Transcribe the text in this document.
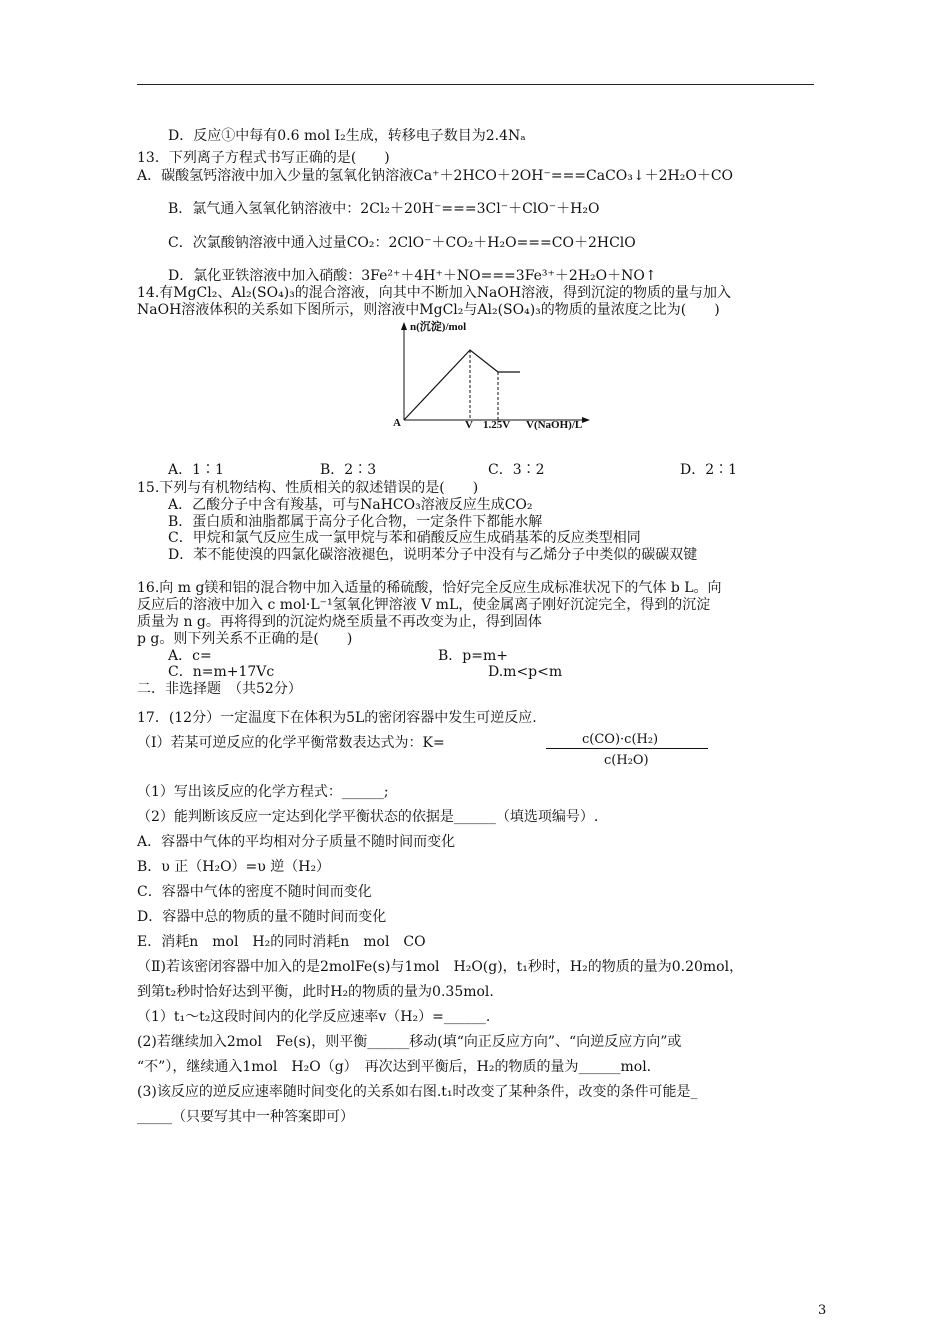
D．反应①中每有0.6 mol I₂生成，转移电子数目为2.4Nₐ
13．下列离子方程式书写正确的是(　　)
A．碳酸氢钙溶液中加入少量的氢氧化钠溶液Ca⁺＋2HCO＋2OH⁻===CaCO₃↓＋2H₂O＋CO
B．氯气通入氢氧化钠溶液中：2Cl₂＋20H⁻===3Cl⁻＋ClO⁻＋H₂O
C．次氯酸钠溶液中通入过量CO₂：2ClO⁻＋CO₂＋H₂O===CO＋2HClO
D．氯化亚铁溶液中加入硝酸：3Fe²⁺＋4H⁺＋NO===3Fe³⁺＋2H₂O＋NO↑
14.有MgCl₂、Al₂(SO₄)₃的混合溶液，向其中不断加入NaOH溶液，得到沉淀的物质的量与加入
NaOH溶液体积的关系如下图所示，则溶液中MgCl₂与Al₂(SO₄)₃的物质的量浓度之比为(　　)
n(沉淀)/mol
A	V 1.25V V(NaOH)/L
A．1∶1	B．2∶3	C．3∶2	D．2∶1
15.下列与有机物结构、性质相关的叙述错误的是(　　)
A．乙酸分子中含有羧基，可与NaHCO₃溶液反应生成CO₂
B．蛋白质和油脂都属于高分子化合物，一定条件下都能水解
C．甲烷和氯气反应生成一氯甲烷与苯和硝酸反应生成硝基苯的反应类型相同
D．苯不能使溴的四氯化碳溶液褪色，说明苯分子中没有与乙烯分子中类似的碳碳双键
16.向 m g镁和铝的混合物中加入适量的稀硫酸，恰好完全反应生成标准状况下的气体 b L。向
反应后的溶液中加入 c mol·L⁻¹氢氧化钾溶液 V mL，使金属离子刚好沉淀完全，得到的沉淀
质量为 n g。再将得到的沉淀灼烧至质量不再改变为止，得到固体
p g。则下列关系不正确的是(　　)
A．c=	B．p=m+
C．n=m+17Vc	D.m<p<m
二．非选择题　（共52分）
17．(12分）一定温度下在体积为5L的密闭容器中发生可逆反应.
（Ⅰ）若某可逆反应的化学平衡常数表达式为：K=	c(CO)·c(H₂)
c(H₂O)
（1）写出该反应的化学方程式：______;
（2）能判断该反应一定达到化学平衡状态的依据是______（填选项编号）.
A．容器中气体的平均相对分子质量不随时间而变化
B．υ 正（H₂O）=υ 逆（H₂）
C．容器中气体的密度不随时间而变化
D．容器中总的物质的量不随时间而变化
E．消耗n　mol　H₂的同时消耗n　mol　CO
（Ⅱ)若该密闭容器中加入的是2molFe(s)与1mol　H₂O(g)，t₁秒时，H₂的物质的量为0.20mol，
到第t₂秒时恰好达到平衡，此时H₂的物质的量为0.35mol.
（1）t₁～t₂这段时间内的化学反应速率v（H₂）=______.
(2)若继续加入2mol　Fe(s)，则平衡______移动(填“向正反应方向”、“向逆反应方向”或
“不”），继续通入1mol　H₂O（g）　再次达到平衡后，H₂的物质的量为______mol.
(3)该反应的逆反应速率随时间变化的关系如右图.t₁时改变了某种条件，改变的条件可能是_
_____（只要写其中一种答案即可）
3
